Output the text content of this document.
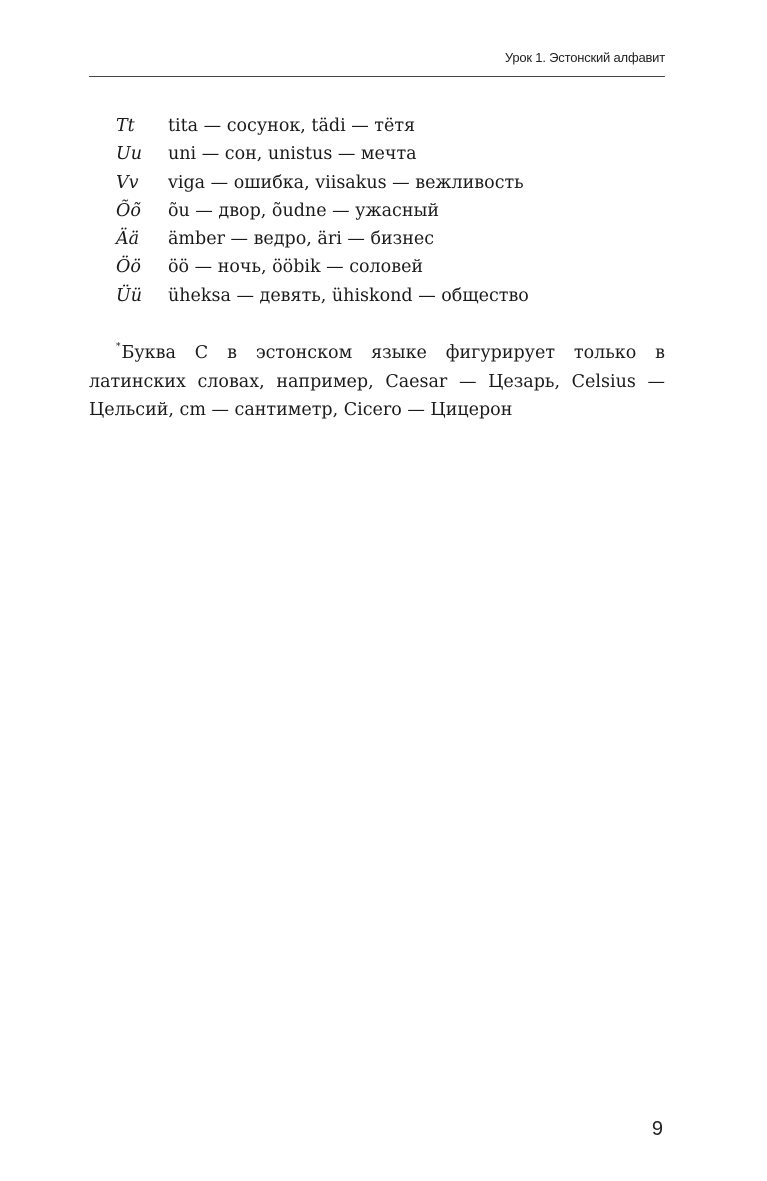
Урок 1. Эстонский алфавит
Tt	tita — сосунок, tädi — тётя
Uu	uni — сон, unistus — мечта
Vv	viga — ошибка, viisakus — вежливость
Õõ	õu — двор, õudne — ужасный
Ää	ämber — ведро, äri — бизнес
Öö	öö — ночь, ööbik — соловей
Üü	üheksa — девять, ühiskond — общество

*Буква C в эстонском языке фигурирует только в латинских словах, например, Caesar — Цезарь, Celsius — Цельсий, cm — сантиметр, Cicero — Цицерон

9
